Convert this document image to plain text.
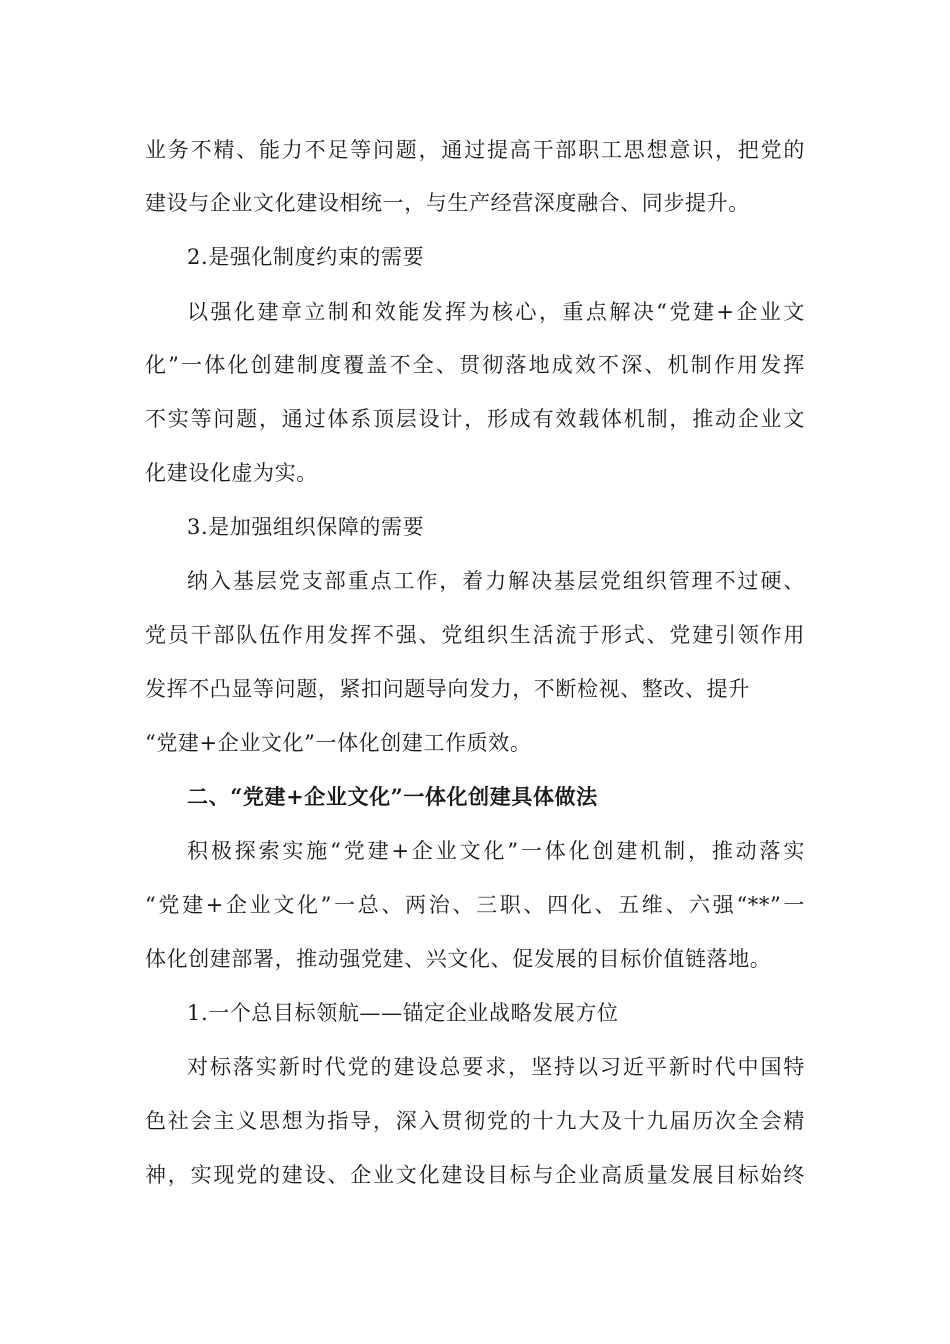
业务不精、能力不足等问题，通过提高干部职工思想意识，把党的
建设与企业文化建设相统一，与生产经营深度融合、同步提升。
2.是强化制度约束的需要
以强化建章立制和效能发挥为核心，重点解决“党建+企业文
化”一体化创建制度覆盖不全、贯彻落地成效不深、机制作用发挥
不实等问题，通过体系顶层设计，形成有效载体机制，推动企业文
化建设化虚为实。
3.是加强组织保障的需要
纳入基层党支部重点工作，着力解决基层党组织管理不过硬、
党员干部队伍作用发挥不强、党组织生活流于形式、党建引领作用
发挥不凸显等问题，紧扣问题导向发力，不断检视、整改、提升
“党建+企业文化”一体化创建工作质效。
二、“党建+企业文化”一体化创建具体做法
积极探索实施“党建+企业文化”一体化创建机制，推动落实
“党建+企业文化”一总、两治、三职、四化、五维、六强“**”一
体化创建部署，推动强党建、兴文化、促发展的目标价值链落地。
1.一个总目标领航——锚定企业战略发展方位
对标落实新时代党的建设总要求，坚持以习近平新时代中国特
色社会主义思想为指导，深入贯彻党的十九大及十九届历次全会精
神，实现党的建设、企业文化建设目标与企业高质量发展目标始终
